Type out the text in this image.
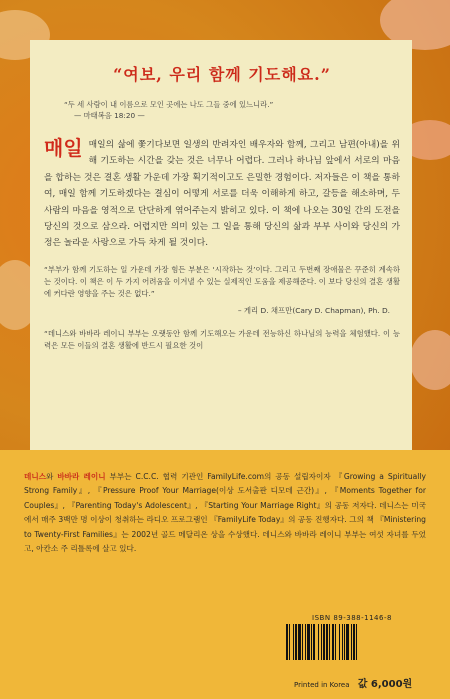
“여보, 우리 함께 기도해요.”
“두 세 사람이 내 이름으로 모인 곳에는 나도 그들 중에 있느니라.”
— 마태복음 18:20 —
매일 매일의 삶에 쫓기다보면 일생의 반려자인 배우자와 함께, 그리고 남편(아내)을 위해 기도하는 시간을 갖는 것은 너무나 어렵다. 그러나 하나님 앞에서 서로의 마음을 합하는 것은 결혼 생활 가운데 가장 획기적이고도 은밀한 경험이다. 저자들은 이 책을 통하여, 매일 함께 기도하겠다는 결심이 어떻게 서로를 더욱 이해하게 하고, 갈등을 해소하며, 두 사람의 마음을 영적으로 단단하게 엮어주는지 밝히고 있다. 이 책에 나오는 30일 간의 도전을 당신의 것으로 삼으라. 어렵지만 의미 있는 그 일을 통해 당신의 삶과 부부 사이와 당신의 가정은 놀라운 사랑으로 가득 차게 될 것이다.
“부부가 함께 기도하는 일 가운데 가장 힘든 부분은 ‘시작하는 것’이다. 그리고 두번째 장애물은 꾸준히 계속하는 것이다. 이 책은 이 두 가지 어려움을 이겨낼 수 있는 실제적인 도움을 제공해준다. 이 보다 당신의 결혼 생활에 커다란 영향을 주는 것은 없다.”
– 게리 D. 채프만(Cary D. Chapman), Ph. D.
“데니스와 바바라 레이니 부부는 오랫동안 함께 기도해오는 가운데 전능하신 하나님의 능력을 체험했다. 이 능력은 모든 이들의 결혼 생활에 반드시 필요한 것이
데니스와 바바라 레이니 부부는 C.C.C. 협력 기관인 FamilyLife.com의 공동 설립자이자 『Growing a Spiritually Strong Family』, 『Pressure Proof Your Marriage(이상 도서출판 디모데 근간)』, 『Moments Together for Couples』, 『Parenting Today's Adolescent』, 『Starting Your Marriage Right』의 공동 저자다. 데니스는 미국에서 매주 3백만 명 이상이 청취하는 라디오 프로그램인 『FamilyLife Today』의 공동 진행자다. 그의 책 『Ministering to Twenty-First Families』는 2002년 골드 메달리온 상을 수상했다. 데니스와 바바라 레이니 부부는 여섯 자녀를 두었고, 아칸소 주 리틀록에 살고 있다.
ISBN 89-388-1146-8
Printed in Korea 값 6,000원
